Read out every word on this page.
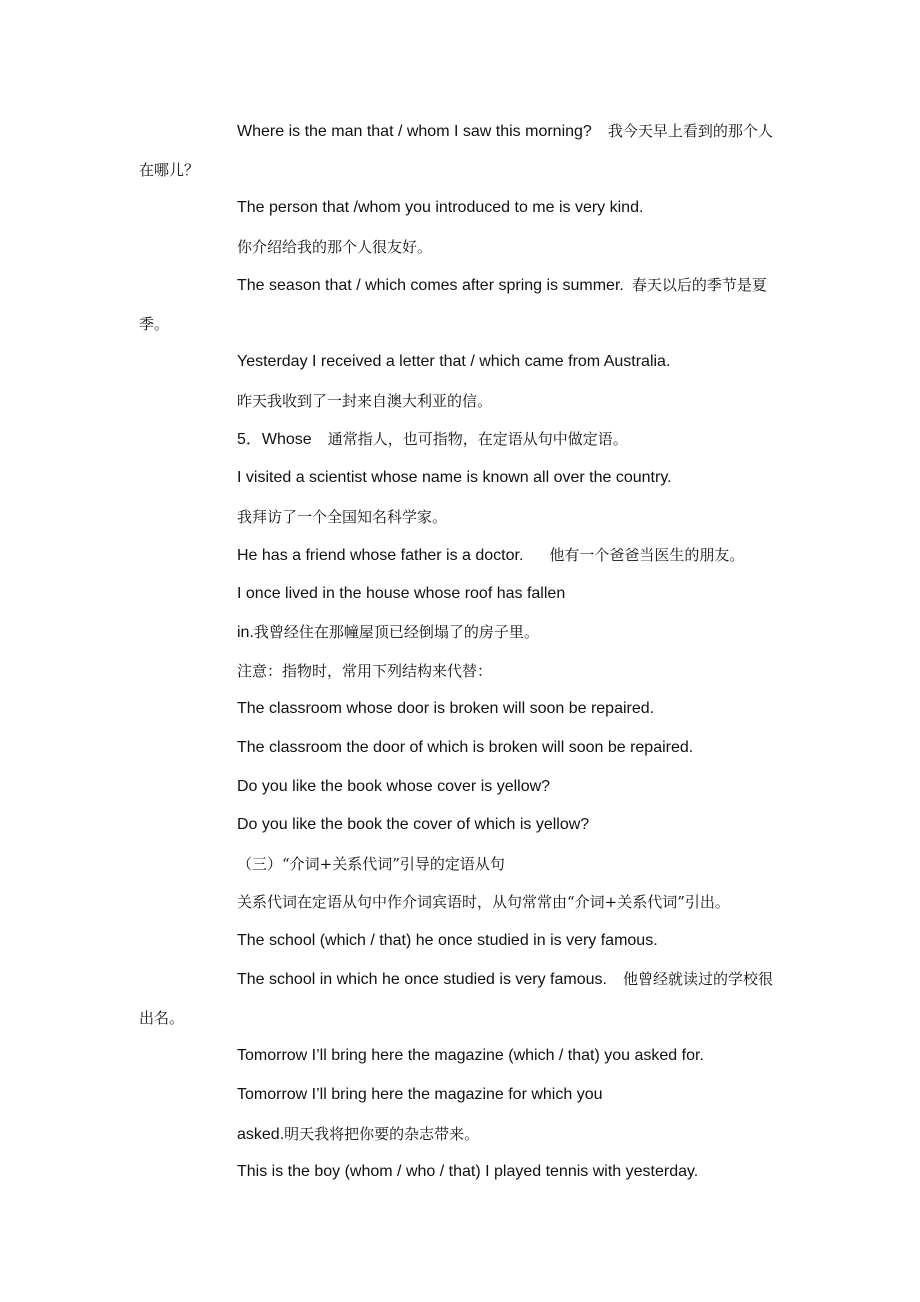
Where is the man that / whom I saw this morning? 我今天早上看到的那个人
在哪儿？
The person that /whom you introduced to me is very kind.
你介绍给我的那个人很友好。
The season that / which comes after spring is summer. 春天以后的季节是夏
季。
Yesterday I received a letter that / which came from Australia.
昨天我收到了一封来自澳大利亚的信。
5．Whose 通常指人，也可指物，在定语从句中做定语。
I visited a scientist whose name is known all over the country.
我拜访了一个全国知名科学家。
He has a friend whose father is a doctor. 他有一个爸爸当医生的朋友。
I once lived in the house whose roof has fallen
in.我曾经住在那幢屋顶已经倒塌了的房子里。
注意：指物时，常用下列结构来代替：
The classroom whose door is broken will soon be repaired.
The classroom the door of which is broken will soon be repaired.
Do you like the book whose cover is yellow?
Do you like the book the cover of which is yellow?
（三）“介词+关系代词”引导的定语从句
关系代词在定语从句中作介词宾语时，从句常常由“介词+关系代词”引出。
The school (which / that) he once studied in is very famous.
The school in which he once studied is very famous. 他曾经就读过的学校很
出名。
Tomorrow I’ll bring here the magazine (which / that) you asked for.
Tomorrow I’ll bring here the magazine for which you
asked.明天我将把你要的杂志带来。
This is the boy (whom / who / that) I played tennis with yesterday.
